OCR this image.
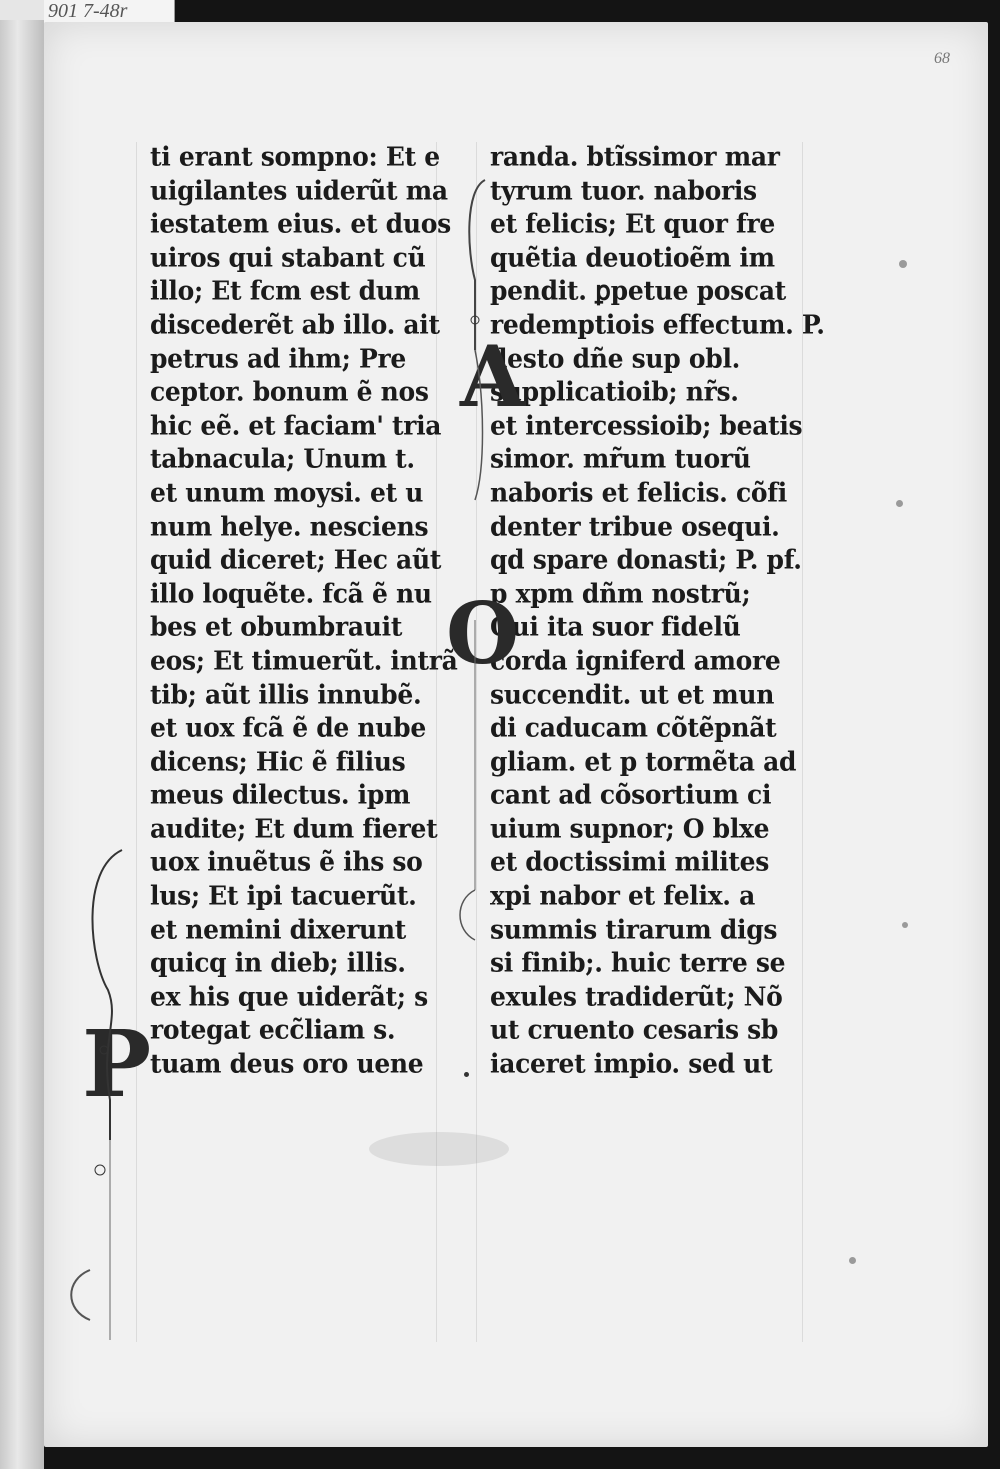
901 7-48r
68
ti erant sompno: Et e
uigilantes uiderũt ma
iestatem eius. et duos
uiros qui stabant cũ
illo; Et fcm est dum
discederẽt ab illo. ait
petrus ad ihm; Pre
ceptor. bonum ẽ nos
hic eẽ. et faciam' tria
tabnacula; Unum t.
et unum moysi. et u
num helye. nesciens
quid diceret; Hec aũt
illo loquẽte. fcã ẽ nu
bes et obumbrauit
eos; Et timuerũt. intrã
tib; aũt illis innubẽ.
et uox fcã ẽ de nube
dicens; Hic ẽ filius
meus dilectus. ipm
audite; Et dum fieret
uox inuẽtus ẽ ihs so
lus; Et ipi tacuerũt.
et nemini dixerunt
quicq in dieb; illis.
ex his que uiderãt; s
rotegat ecc̃liam s.
tuam deus oro uene
randa. btĩssimor mar
tyrum tuor. naboris
et felicis; Et quor fre
quẽtia deuotioẽm im
pendit. ꝑpetue poscat
redemptiois effectum. P.
desto dñe sup obl.
supplicatioib; nr̃s.
et intercessioib; beatis
simor. mr̃um tuorũ
naboris et felicis. cõfi
denter tribue osequi.
qd spare donasti; P. pf.
p xpm dñm nostrũ;
Qui ita suor fidelũ
corda igniferd amore
succendit. ut et mun
di caducam cõtẽpnãt
gliam. et p tormẽta ad
cant ad cõsortium ci
uium supnor; O blxe
et doctissimi milites
xpi nabor et felix. a
summis tirarum digs
si finib;. huic terre se
exules tradiderũt; Nõ
ut cruento cesaris sb
iaceret impio. sed ut
P
A
O
